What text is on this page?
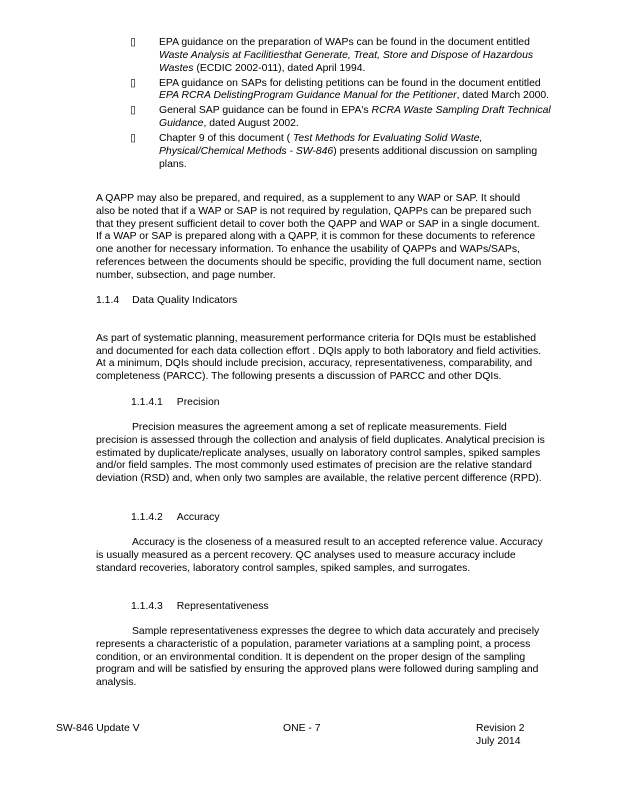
▯ EPA guidance on the preparation of WAPs can be found in the document entitled Waste Analysis at Facilitiesthat Generate, Treat, Store and Dispose of Hazardous Wastes (ECDIC 2002-011), dated April 1994.
▯ EPA guidance on SAPs for delisting petitions can be found in the document entitled EPA RCRA DelistingProgram Guidance Manual for the Petitioner, dated March 2000.
▯ General SAP guidance can be found in EPA's RCRA Waste Sampling Draft Technical Guidance, dated August 2002.
▯ Chapter 9 of this document ( Test Methods for Evaluating Solid Waste, Physical/Chemical Methods - SW-846) presents additional discussion on sampling plans.

A QAPP may also be prepared, and required, as a supplement to any WAP or SAP. It should also be noted that if a WAP or SAP is not required by regulation, QAPPs can be prepared such that they present sufficient detail to cover both the QAPP and WAP or SAP in a single document. If a WAP or SAP is prepared along with a QAPP, it is common for these documents to reference one another for necessary information. To enhance the usability of QAPPs and WAPs/SAPs, references between the documents should be specific, providing the full document name, section number, subsection, and page number.

1.1.4 Data Quality Indicators

As part of systematic planning, measurement performance criteria for DQIs must be established and documented for each data collection effort . DQIs apply to both laboratory and field activities. At a minimum, DQIs should include precision, accuracy, representativeness, comparability, and completeness (PARCC). The following presents a discussion of PARCC and other DQIs.

1.1.4.1 Precision

Precision measures the agreement among a set of replicate measurements. Field precision is assessed through the collection and analysis of field duplicates. Analytical precision is estimated by duplicate/replicate analyses, usually on laboratory control samples, spiked samples and/or field samples. The most commonly used estimates of precision are the relative standard deviation (RSD) and, when only two samples are available, the relative percent difference (RPD).

1.1.4.2 Accuracy

Accuracy is the closeness of a measured result to an accepted reference value. Accuracy is usually measured as a percent recovery. QC analyses used to measure accuracy include standard recoveries, laboratory control samples, spiked samples, and surrogates.

1.1.4.3 Representativeness

Sample representativeness expresses the degree to which data accurately and precisely represents a characteristic of a population, parameter variations at a sampling point, a process condition, or an environmental condition. It is dependent on the proper design of the sampling program and will be satisfied by ensuring the approved plans were followed during sampling and analysis.

SW-846 Update V	ONE - 7	Revision 2
July 2014
